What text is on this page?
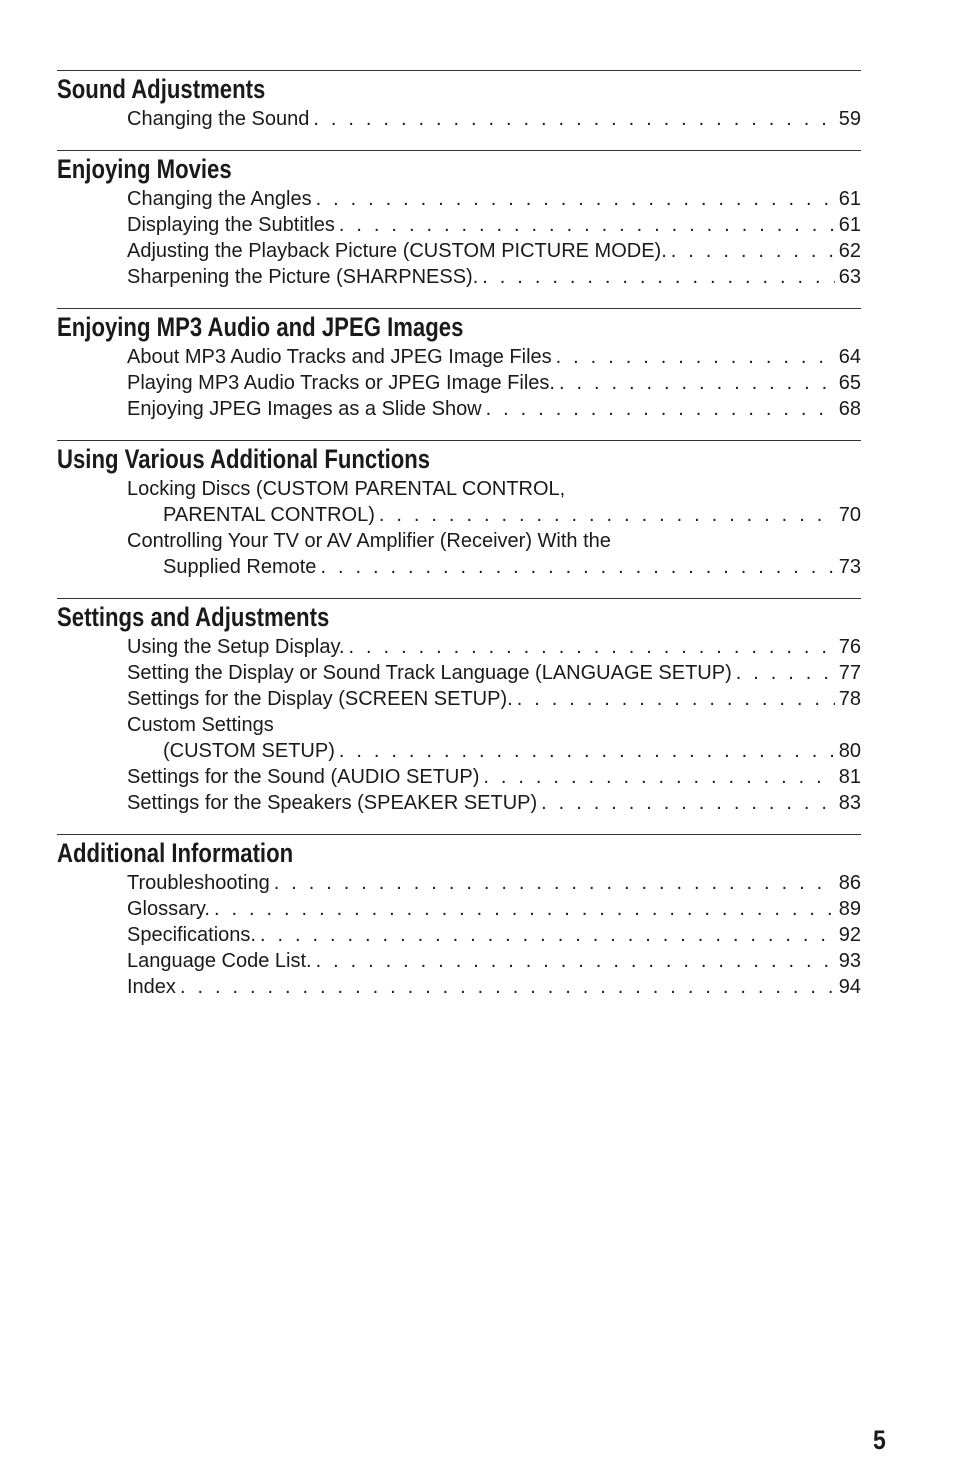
Sound Adjustments
Changing the Sound . . .	59
Enjoying Movies
Changing the Angles . . .	61
Displaying the Subtitles . . .	61
Adjusting the Playback Picture (CUSTOM PICTURE MODE). . . .	62
Sharpening the Picture (SHARPNESS). . . .	63
Enjoying MP3 Audio and JPEG Images
About MP3 Audio Tracks and JPEG Image Files . . .	64
Playing MP3 Audio Tracks or JPEG Image Files. . . .	65
Enjoying JPEG Images as a Slide Show . . .	68
Using Various Additional Functions
Locking Discs (CUSTOM PARENTAL CONTROL,
PARENTAL CONTROL) . . .	70
Controlling Your TV or AV Amplifier (Receiver) With the
Supplied Remote . . .	73
Settings and Adjustments
Using the Setup Display. . . .	76
Setting the Display or Sound Track Language (LANGUAGE SETUP) . . .	77
Settings for the Display (SCREEN SETUP). . . .	78
Custom Settings
(CUSTOM SETUP) . . .	80
Settings for the Sound (AUDIO SETUP) . . .	81
Settings for the Speakers (SPEAKER SETUP) . . .	83
Additional Information
Troubleshooting . . .	86
Glossary. . . .	89
Specifications. . . .	92
Language Code List. . . .	93
Index . . .	94
5
